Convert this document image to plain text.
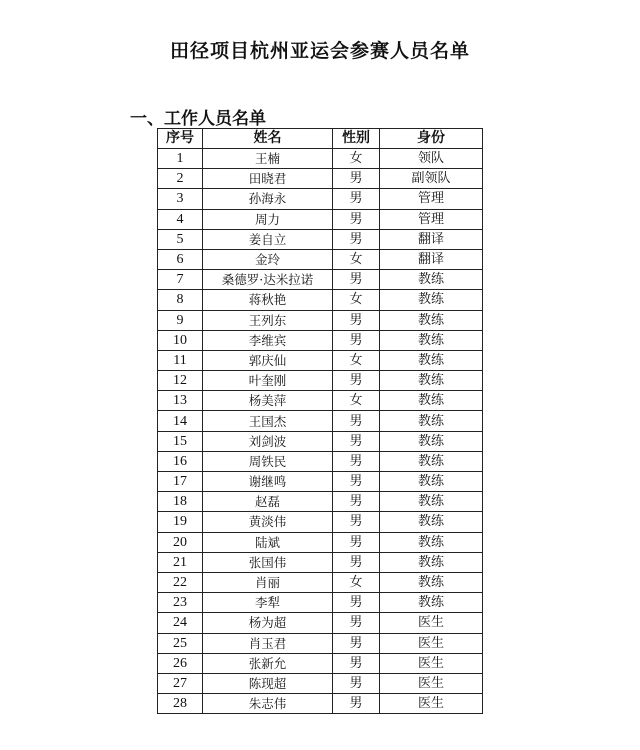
田径项目杭州亚运会参赛人员名单
一、工作人员名单
序号	姓名	性别	身份
1	王楠	女	领队
2	田晓君	男	副领队
3	孙海永	男	管理
4	周力	男	管理
5	姜自立	男	翻译
6	金玲	女	翻译
7	桑德罗·达米拉诺	男	教练
8	蒋秋艳	女	教练
9	王列东	男	教练
10	李维宾	男	教练
11	郭庆仙	女	教练
12	叶奎刚	男	教练
13	杨美萍	女	教练
14	王国杰	男	教练
15	刘剑波	男	教练
16	周铁民	男	教练
17	谢继鸣	男	教练
18	赵磊	男	教练
19	黄淡伟	男	教练
20	陆斌	男	教练
21	张国伟	男	教练
22	肖丽	女	教练
23	李犁	男	教练
24	杨为超	男	医生
25	肖玉君	男	医生
26	张新允	男	医生
27	陈现超	男	医生
28	朱志伟	男	医生
